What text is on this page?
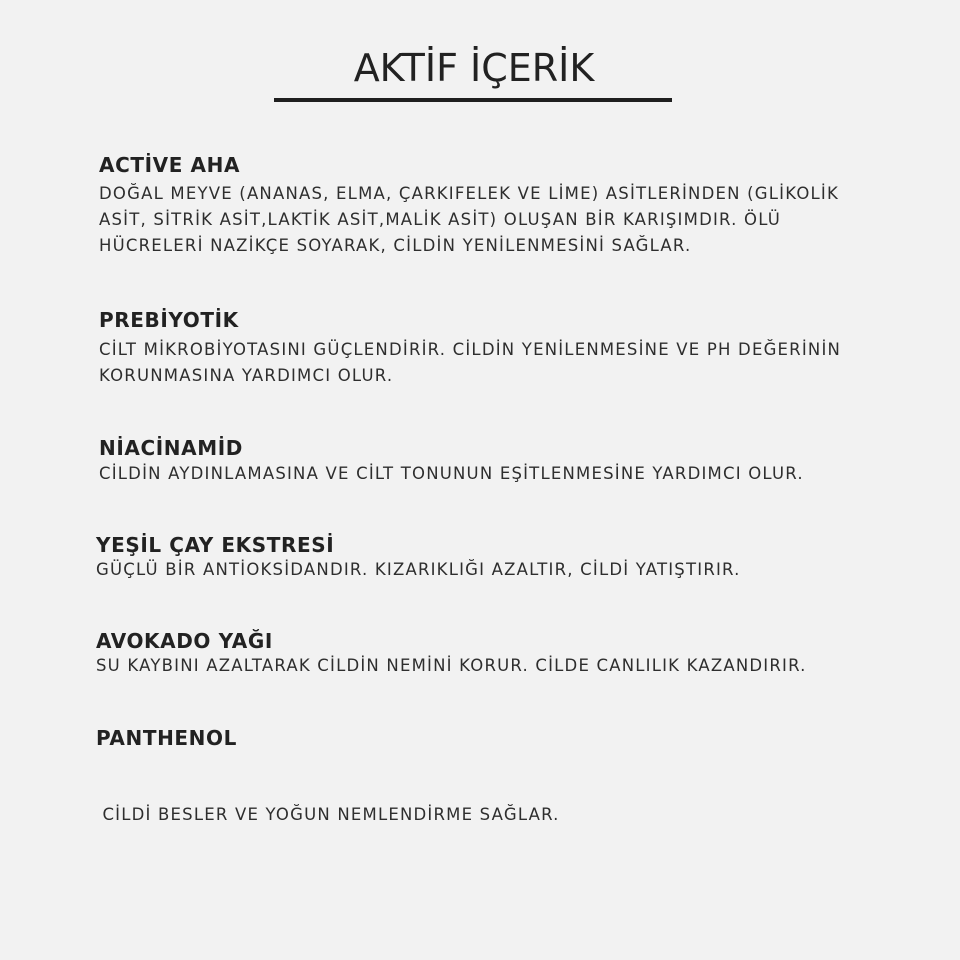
AKTİF İÇERİK
ACTİVE AHA
DOĞAL MEYVE (ANANAS, ELMA, ÇARKIFELEK VE LİME) ASİTLERİNDEN (GLİKOLİK
ASİT, SİTRİK ASİT,LAKTİK ASİT,MALİK ASİT) OLUŞAN BİR KARIŞIMDIR. ÖLÜ
HÜCRELERİ NAZİKÇE SOYARAK, CİLDİN YENİLENMESİNİ SAĞLAR.
PREBİYOTİK
CİLT MİKROBİYOTASINI GÜÇLENDİRİR. CİLDİN YENİLENMESİNE VE PH DEĞERİNİN
KORUNMASINA YARDIMCI OLUR.
NİACİNAMİD
CİLDİN AYDINLAMASINA VE CİLT TONUNUN EŞİTLENMESİNE YARDIMCI OLUR.
YEŞİL ÇAY EKSTRESİ
GÜÇLÜ BİR ANTİOKSİDANDIR. KIZARIKLIĞI AZALTIR, CİLDİ YATIŞTIRIR.
AVOKADO YAĞI
SU KAYBINI AZALTARAK CİLDİN NEMİNİ KORUR. CİLDE CANLILIK KAZANDIRIR.
PANTHENOL

CİLDİ BESLER VE YOĞUN NEMLENDİRME SAĞLAR.
